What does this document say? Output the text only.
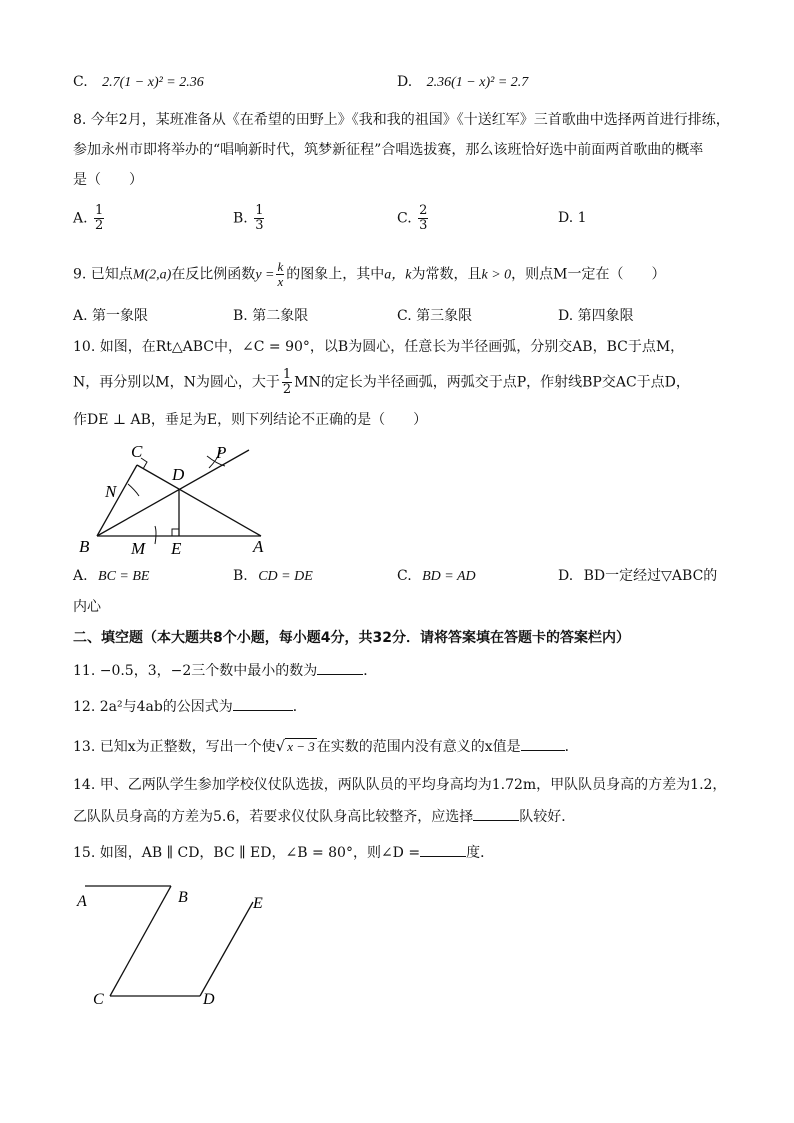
C. 2.7(1 − x)² = 2.36	D. 2.36(1 − x)² = 2.7
8. 今年2月，某班准备从《在希望的田野上》《我和我的祖国》《十送红军》三首歌曲中选择两首进行排练，
参加永州市即将举办的“唱响新时代，筑梦新征程”合唱选拔赛，那么该班恰好选中前面两首歌曲的概率
是（　　）
A. $\frac{1}{2}$	B. $\frac{1}{3}$	C. $\frac{2}{3}$	D. 1
9. 已知点M(2,a)在反比例函数$y = \frac{k}{x}$ 的图象上，其中a，k为常数，且k > 0，则点M一定在（　　）
A. 第一象限	B. 第二象限	C. 第三象限	D. 第四象限
10. 如图，在Rt△ABC中，∠C = 90°，以B为圆心，任意长为半径画弧，分别交AB，BC于点M，
N，再分别以M，N为圆心，大于 $\frac{1}{2}$ MN的定长为半径画弧，两弧交于点P，作射线BP交AC于点D，
作DE ⊥ AB，垂足为E，则下列结论不正确的是（　　）
C
D
P
N
B M E	A
A. BC = BE	B. CD = DE	C. BD = AD	D. BD一定经过▽ABC的
内心
二、填空题（本大题共8个小题，每小题4分，共32分．请将答案填在答题卡的答案栏内）
11. −0.5，3，−2三个数中最小的数为	．
12. 2a²与4ab的公因式为	．
13. 已知x为正整数，写出一个使√ x − 3 在实数的范围内没有意义的x值是	．
14. 甲、乙两队学生参加学校仪仗队选拔，两队队员的平均身高均为1.72m，甲队队员身高的方差为1.2，
乙队队员身高的方差为5.6，若要求仪仗队身高比较整齐，应选择	队较好．
15. 如图，AB ∥ CD，BC ∥ ED，∠B = 80°，则∠D =	度．
A	B	E
C	D
